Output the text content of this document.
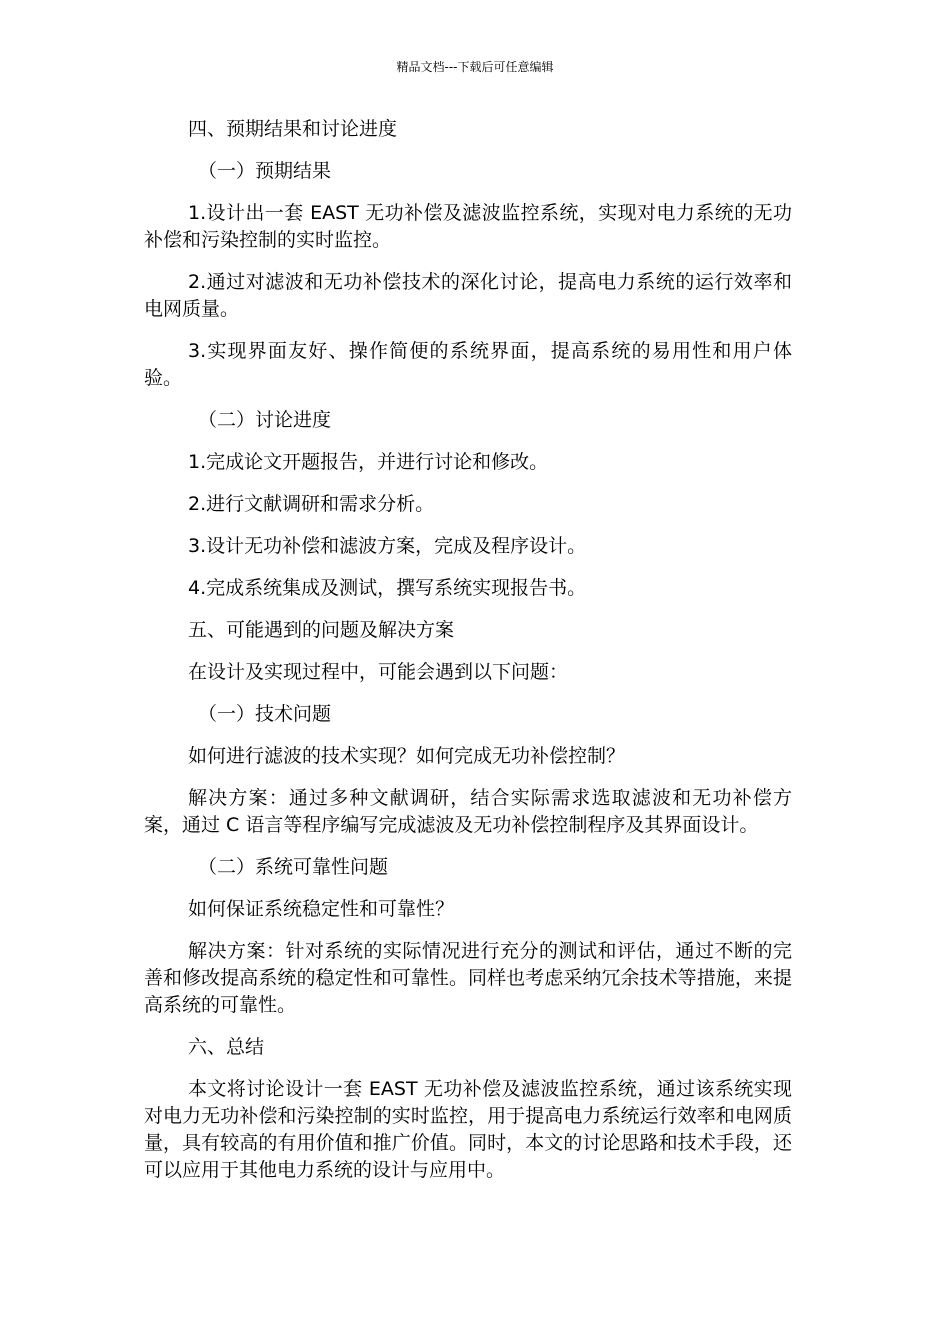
精品文档---下载后可任意编辑

四、预期结果和讨论进度

（一）预期结果

1.设计出一套 EAST 无功补偿及滤波监控系统，实现对电力系统的无功补偿和污染控制的实时监控。

2.通过对滤波和无功补偿技术的深化讨论，提高电力系统的运行效率和电网质量。

3.实现界面友好、操作简便的系统界面，提高系统的易用性和用户体验。

（二）讨论进度

1.完成论文开题报告，并进行讨论和修改。

2.进行文献调研和需求分析。

3.设计无功补偿和滤波方案，完成及程序设计。

4.完成系统集成及测试，撰写系统实现报告书。

五、可能遇到的问题及解决方案

在设计及实现过程中，可能会遇到以下问题：

（一）技术问题

如何进行滤波的技术实现？如何完成无功补偿控制？

解决方案：通过多种文献调研，结合实际需求选取滤波和无功补偿方案，通过 C 语言等程序编写完成滤波及无功补偿控制程序及其界面设计。

（二）系统可靠性问题

如何保证系统稳定性和可靠性？

解决方案：针对系统的实际情况进行充分的测试和评估，通过不断的完善和修改提高系统的稳定性和可靠性。同样也考虑采纳冗余技术等措施，来提高系统的可靠性。

六、总结

本文将讨论设计一套 EAST 无功补偿及滤波监控系统，通过该系统实现对电力无功补偿和污染控制的实时监控，用于提高电力系统运行效率和电网质量，具有较高的有用价值和推广价值。同时，本文的讨论思路和技术手段，还可以应用于其他电力系统的设计与应用中。
